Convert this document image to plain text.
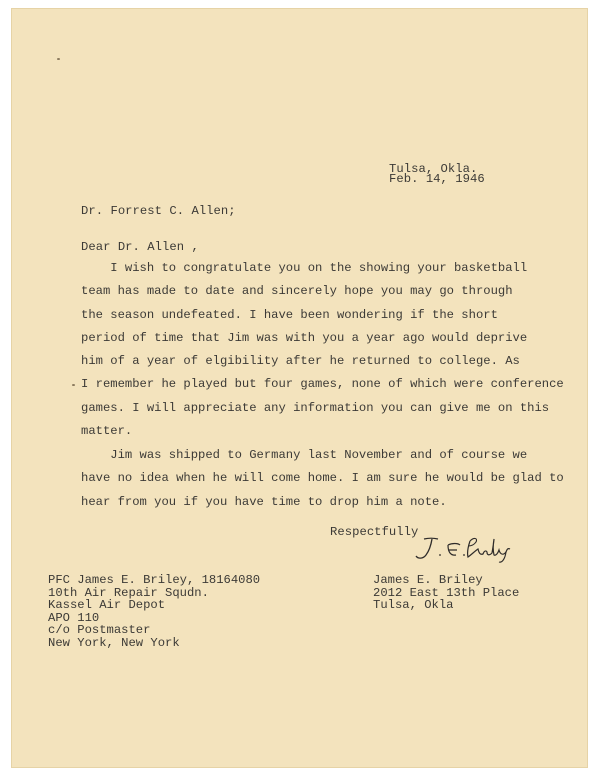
Tulsa, Okla.
Feb. 14, 1946
Dr. Forrest C. Allen;
Dear Dr. Allen ,
I wish to congratulate you on the showing your basketball
team has made to date and sincerely hope you may go through
the season undefeated. I have been wondering if the short
period of time that Jim was with you a year ago would deprive
him of a year of elgibility after he returned to college. As
I remember he played but four games, none of which were conference
games. I will appreciate any information you can give me on this
matter.
Jim was shipped to Germany last November and of course we
have no idea when he will come home. I am sure he would be glad to
hear from you if you have time to drop him a note.
Respectfully
PFC James E. Briley, 18164080
10th Air Repair Squdn.
Kassel Air Depot
APO 110
c/o Postmaster
New York, New York
James E. Briley
2012 East 13th Place
Tulsa, Okla
